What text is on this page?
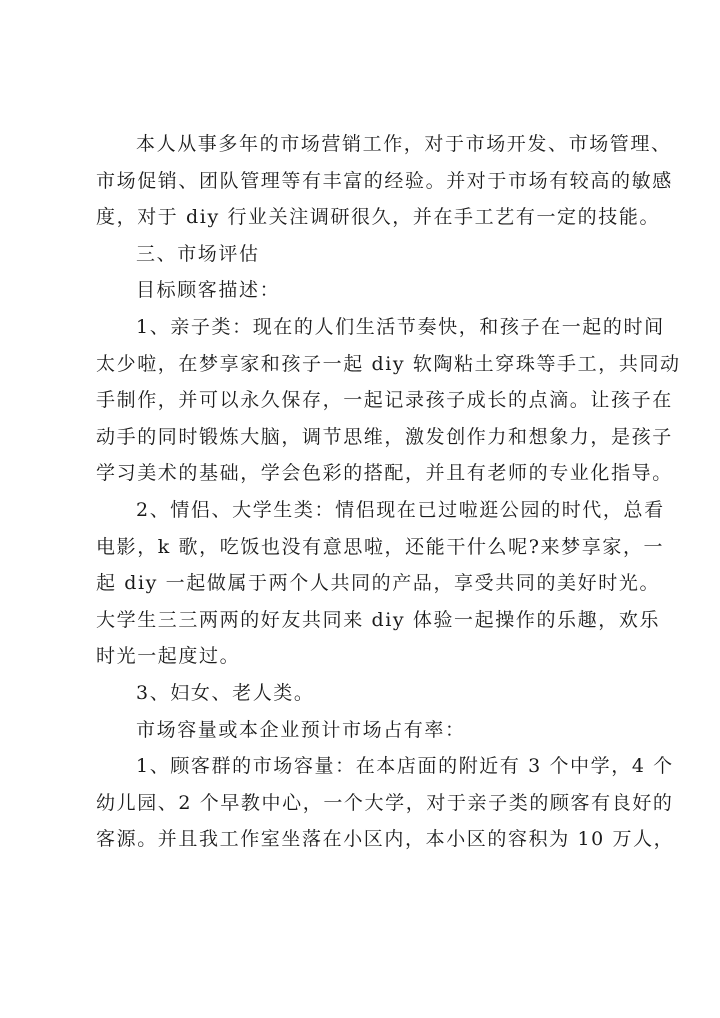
本人从事多年的市场营销工作，对于市场开发、市场管理、
市场促销、团队管理等有丰富的经验。并对于市场有较高的敏感
度，对于 diy 行业关注调研很久，并在手工艺有一定的技能。
三、市场评估
目标顾客描述：
1、亲子类：现在的人们生活节奏快，和孩子在一起的时间
太少啦，在梦享家和孩子一起 diy 软陶粘土穿珠等手工，共同动
手制作，并可以永久保存，一起记录孩子成长的点滴。让孩子在
动手的同时锻炼大脑，调节思维，激发创作力和想象力，是孩子
学习美术的基础，学会色彩的搭配，并且有老师的专业化指导。
2、情侣、大学生类：情侣现在已过啦逛公园的时代，总看
电影，k 歌，吃饭也没有意思啦，还能干什么呢?来梦享家，一
起 diy 一起做属于两个人共同的产品，享受共同的美好时光。
大学生三三两两的好友共同来 diy 体验一起操作的乐趣，欢乐
时光一起度过。
3、妇女、老人类。
市场容量或本企业预计市场占有率：
1、顾客群的市场容量：在本店面的附近有 3 个中学，4 个
幼儿园、2 个早教中心，一个大学，对于亲子类的顾客有良好的
客源。并且我工作室坐落在小区内，本小区的容积为 10 万人，
